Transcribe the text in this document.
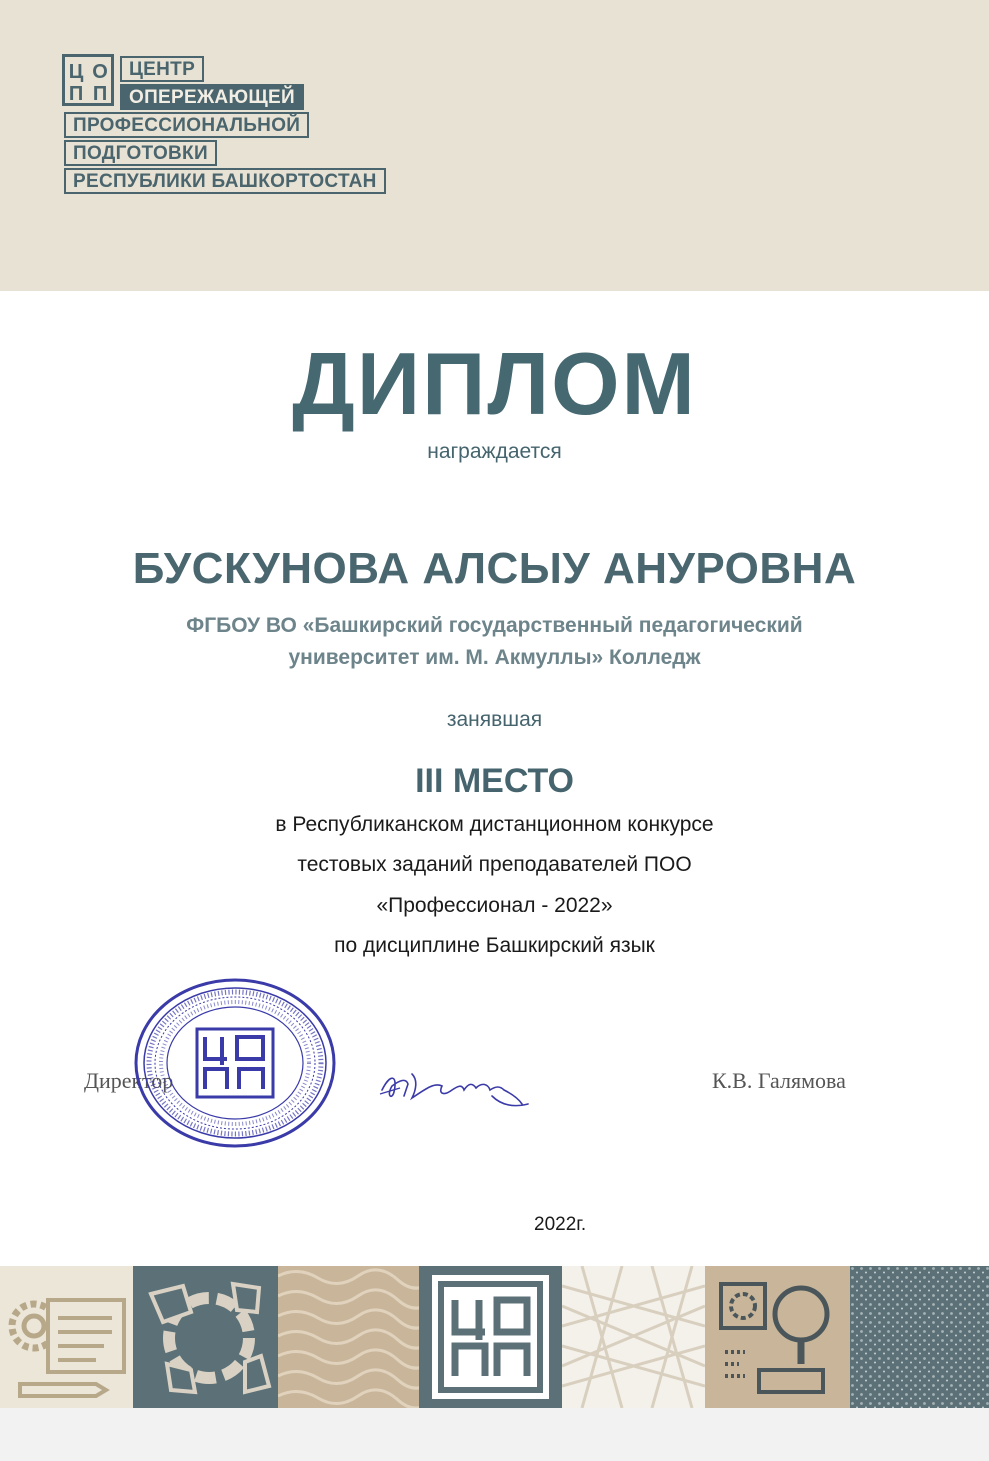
Ц О
П П
ЦЕНТР
ОПЕРЕЖАЮЩЕЙ
ПРОФЕССИОНАЛЬНОЙ
ПОДГОТОВКИ
РЕСПУБЛИКИ БАШКОРТОСТАН
ДИПЛОМ
награждается
БУСКУНОВА АЛСЫУ АНУРОВНА
ФГБОУ ВО «Башкирский государственный педагогический
университет им. М. Акмуллы» Колледж
занявшая
III МЕСТО
в Республиканском дистанционном конкурсе
тестовых заданий преподавателей ПОО
«Профессионал - 2022»
по дисциплине Башкирский язык
Директор	К.В. Галямова
2022г.
